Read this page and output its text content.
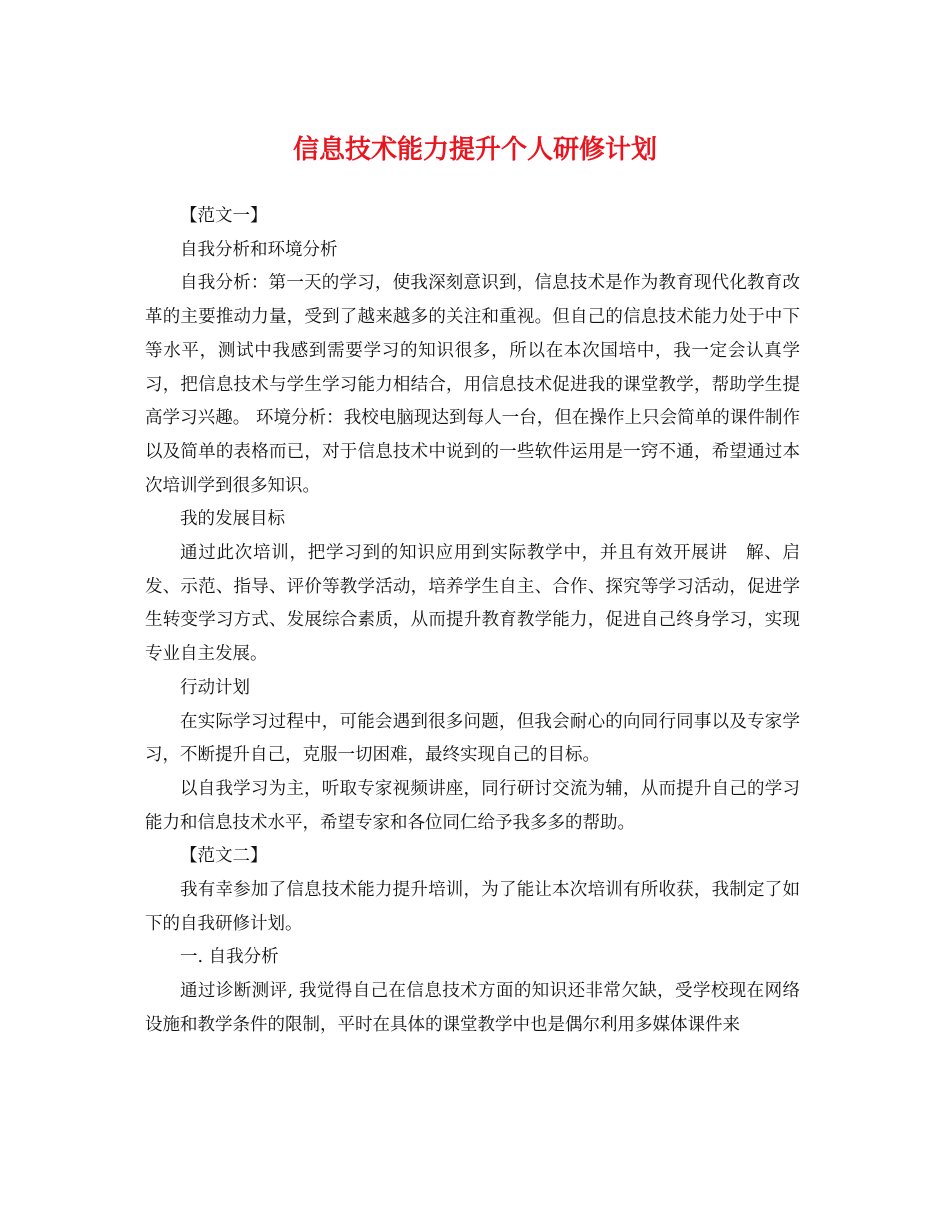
信息技术能力提升个人研修计划

【范文一】

自我分析和环境分析

自我分析：第一天的学习，使我深刻意识到，信息技术是作为教育现代化教育改革的主要推动力量，受到了越来越多的关注和重视。但自己的信息技术能力处于中下等水平，测试中我感到需要学习的知识很多，所以在本次国培中，我一定会认真学习，把信息技术与学生学习能力相结合，用信息技术促进我的课堂教学，帮助学生提高学习兴趣。 环境分析：我校电脑现达到每人一台，但在操作上只会简单的课件制作以及简单的表格而已，对于信息技术中说到的一些软件运用是一窍不通，希望通过本次培训学到很多知识。

我的发展目标

通过此次培训，把学习到的知识应用到实际教学中，并且有效开展讲　解、启发、示范、指导、评价等教学活动，培养学生自主、合作、探究等学习活动，促进学生转变学习方式、发展综合素质，从而提升教育教学能力，促进自己终身学习，实现专业自主发展。

行动计划

在实际学习过程中，可能会遇到很多问题，但我会耐心的向同行同事以及专家学习，不断提升自己，克服一切困难，最终实现自己的目标。

以自我学习为主，听取专家视频讲座，同行研讨交流为辅，从而提升自己的学习能力和信息技术水平，希望专家和各位同仁给予我多多的帮助。

【范文二】

我有幸参加了信息技术能力提升培训，为了能让本次培训有所收获，我制定了如下的自我研修计划。

一. 自我分析

通过诊断测评, 我觉得自己在信息技术方面的知识还非常欠缺，受学校现在网络设施和教学条件的限制，平时在具体的课堂教学中也是偶尔利用多媒体课件来
